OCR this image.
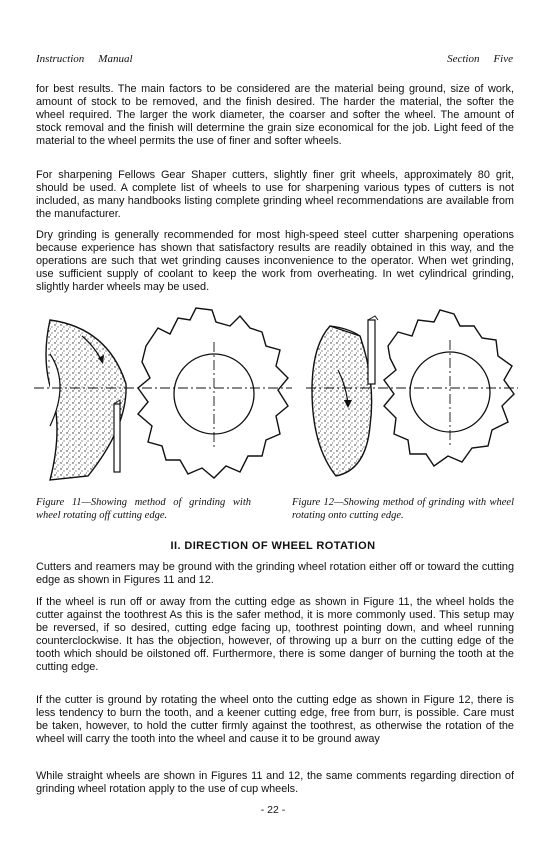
Instruction Manual	Section Five

for best results. The main factors to be considered are the material being ground, size of work, amount of stock to be removed, and the finish desired. The harder the material, the softer the wheel required. The larger the work diameter, the coarser and softer the wheel. The amount of stock removal and the finish will determine the grain size economical for the job. Light feed of the material to the wheel permits the use of finer and softer wheels.

For sharpening Fellows Gear Shaper cutters, slightly finer grit wheels, approximately 80 grit, should be used. A complete list of wheels to use for sharpening various types of cutters is not included, as many handbooks listing complete grinding wheel recommendations are available from the manufacturer.

Dry grinding is generally recommended for most high-speed steel cutter sharpening operations because experience has shown that satisfactory results are readily obtained in this way, and the operations are such that wet grinding causes inconvenience to the operator. When wet grinding, use sufficient supply of coolant to keep the work from overheating. In wet cylindrical grinding, slightly harder wheels may be used.

Figure 11—Showing method of grinding with wheel rotating off cutting edge.

Figure 12—Showing method of grinding with wheel rotating onto cutting edge.

II. DIRECTION OF WHEEL ROTATION

Cutters and reamers may be ground with the grinding wheel rotation either off or toward the cutting edge as shown in Figures 11 and 12.

If the wheel is run off or away from the cutting edge as shown in Figure 11, the wheel holds the cutter against the toothrest As this is the safer method, it is more commonly used. This setup may be reversed, if so desired, cutting edge facing up, toothrest pointing down, and wheel running counterclockwise. It has the objection, however, of throwing up a burr on the cutting edge of the tooth which should be oilstoned off. Furthermore, there is some danger of burning the tooth at the cutting edge.

If the cutter is ground by rotating the wheel onto the cutting edge as shown in Figure 12, there is less tendency to burn the tooth, and a keener cutting edge, free from burr, is possible. Care must be taken, however, to hold the cutter firmly against the toothrest, as otherwise the rotation of the wheel will carry the tooth into the wheel and cause it to be ground away

While straight wheels are shown in Figures 11 and 12, the same comments regarding direction of grinding wheel rotation apply to the use of cup wheels.

- 22 -
